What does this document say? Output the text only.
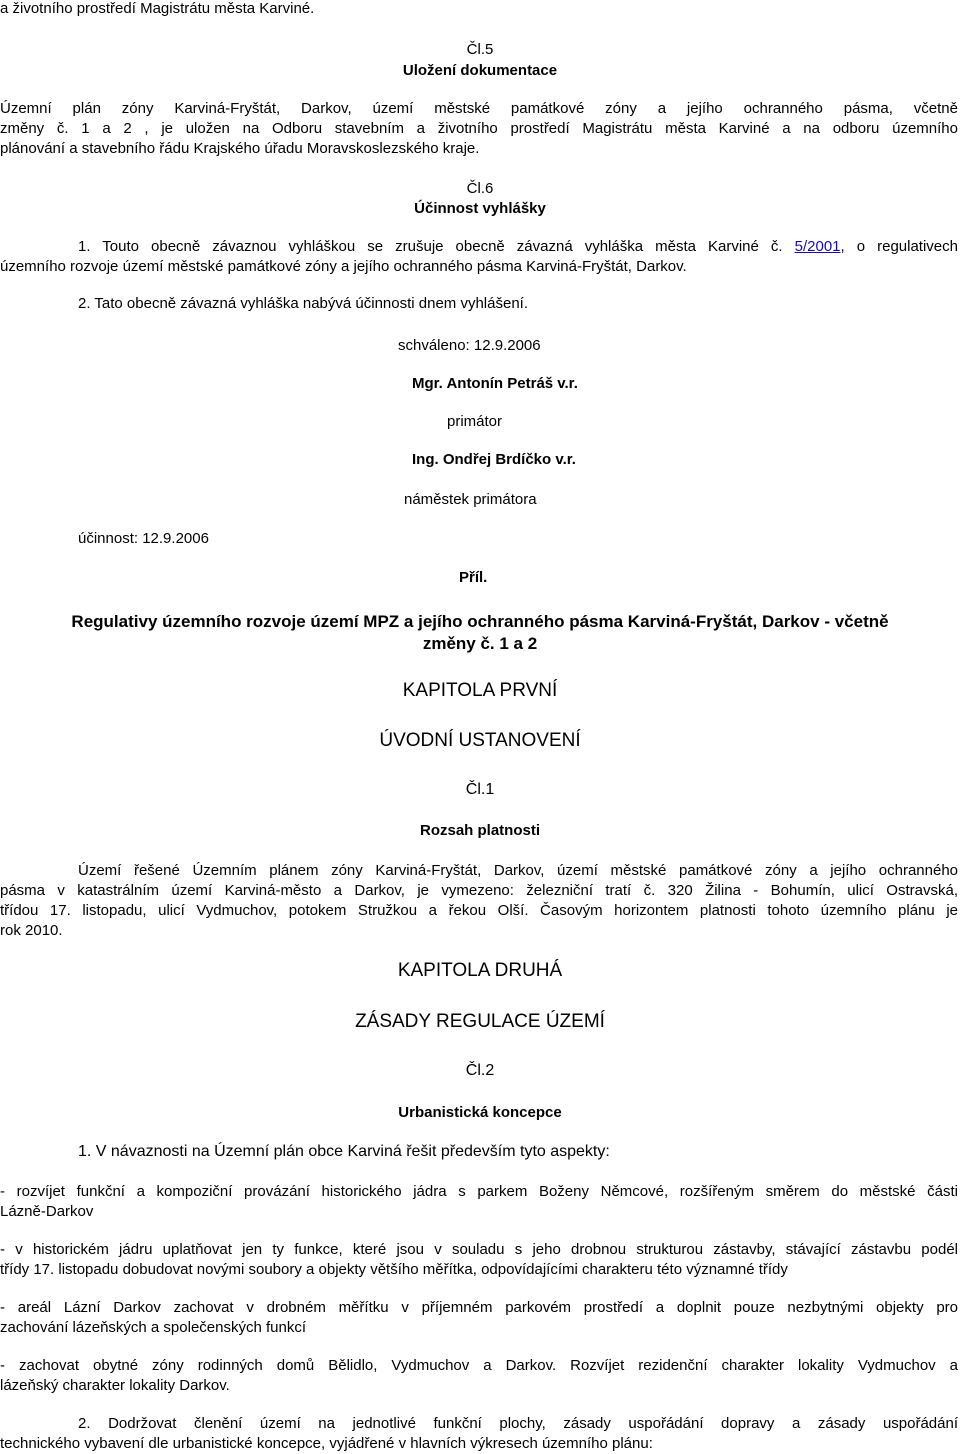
a životního prostředí Magistrátu města Karviné.
Čl.5
Uložení dokumentace
Územní plán zóny Karviná-Fryštát, Darkov, území městské památkové zóny a jejího ochranného pásma, včetně
změny č. 1 a 2 , je uložen na Odboru stavebním a životního prostředí Magistrátu města Karviné a na odboru územního
plánování a stavebního řádu Krajského úřadu Moravskoslezského kraje.
Čl.6
Účinnost vyhlášky
1. Touto obecně závaznou vyhláškou se zrušuje obecně závazná vyhláška města Karviné č. 5/2001, o regulativech
územního rozvoje území městské památkové zóny a jejího ochranného pásma Karviná-Fryštát, Darkov.
2. Tato obecně závazná vyhláška nabývá účinnosti dnem vyhlášení.
schváleno: 12.9.2006
Mgr. Antonín Petráš v.r.
primátor
Ing. Ondřej Brdíčko v.r.
náměstek primátora
účinnost: 12.9.2006
Příl.
Regulativy územního rozvoje území MPZ a jejího ochranného pásma Karviná-Fryštát, Darkov - včetně
změny č. 1 a 2
KAPITOLA PRVNÍ
ÚVODNÍ USTANOVENÍ
Čl.1
Rozsah platnosti
Území řešené Územním plánem zóny Karviná-Fryštát, Darkov, území městské památkové zóny a jejího ochranného
pásma v katastrálním území Karviná-město a Darkov, je vymezeno: železniční tratí č. 320 Žilina - Bohumín, ulicí Ostravská,
třídou 17. listopadu, ulicí Vydmuchov, potokem Stružkou a řekou Olší. Časovým horizontem platnosti tohoto územního plánu je
rok 2010.
KAPITOLA DRUHÁ
ZÁSADY REGULACE ÚZEMÍ
Čl.2
Urbanistická koncepce
1. V návaznosti na Územní plán obce Karviná řešit především tyto aspekty:
- rozvíjet funkční a kompoziční provázání historického jádra s parkem Boženy Němcové, rozšířeným směrem do městské části
Lázně-Darkov
- v historickém jádru uplatňovat jen ty funkce, které jsou v souladu s jeho drobnou strukturou zástavby, stávající zástavbu podél
třídy 17. listopadu dobudovat novými soubory a objekty většího měřítka, odpovídajícími charakteru této významné třídy
- areál Lázní Darkov zachovat v drobném měřítku v příjemném parkovém prostředí a doplnit pouze nezbytnými objekty pro
zachování lázeňských a společenských funkcí
- zachovat obytné zóny rodinných domů Bělidlo, Vydmuchov a Darkov. Rozvíjet rezidenční charakter lokality Vydmuchov a
lázeňský charakter lokality Darkov.
2. Dodržovat členění území na jednotlivé funkční plochy, zásady uspořádání dopravy a zásady uspořádání
technického vybavení dle urbanistické koncepce, vyjádřené v hlavních výkresech územního plánu:
